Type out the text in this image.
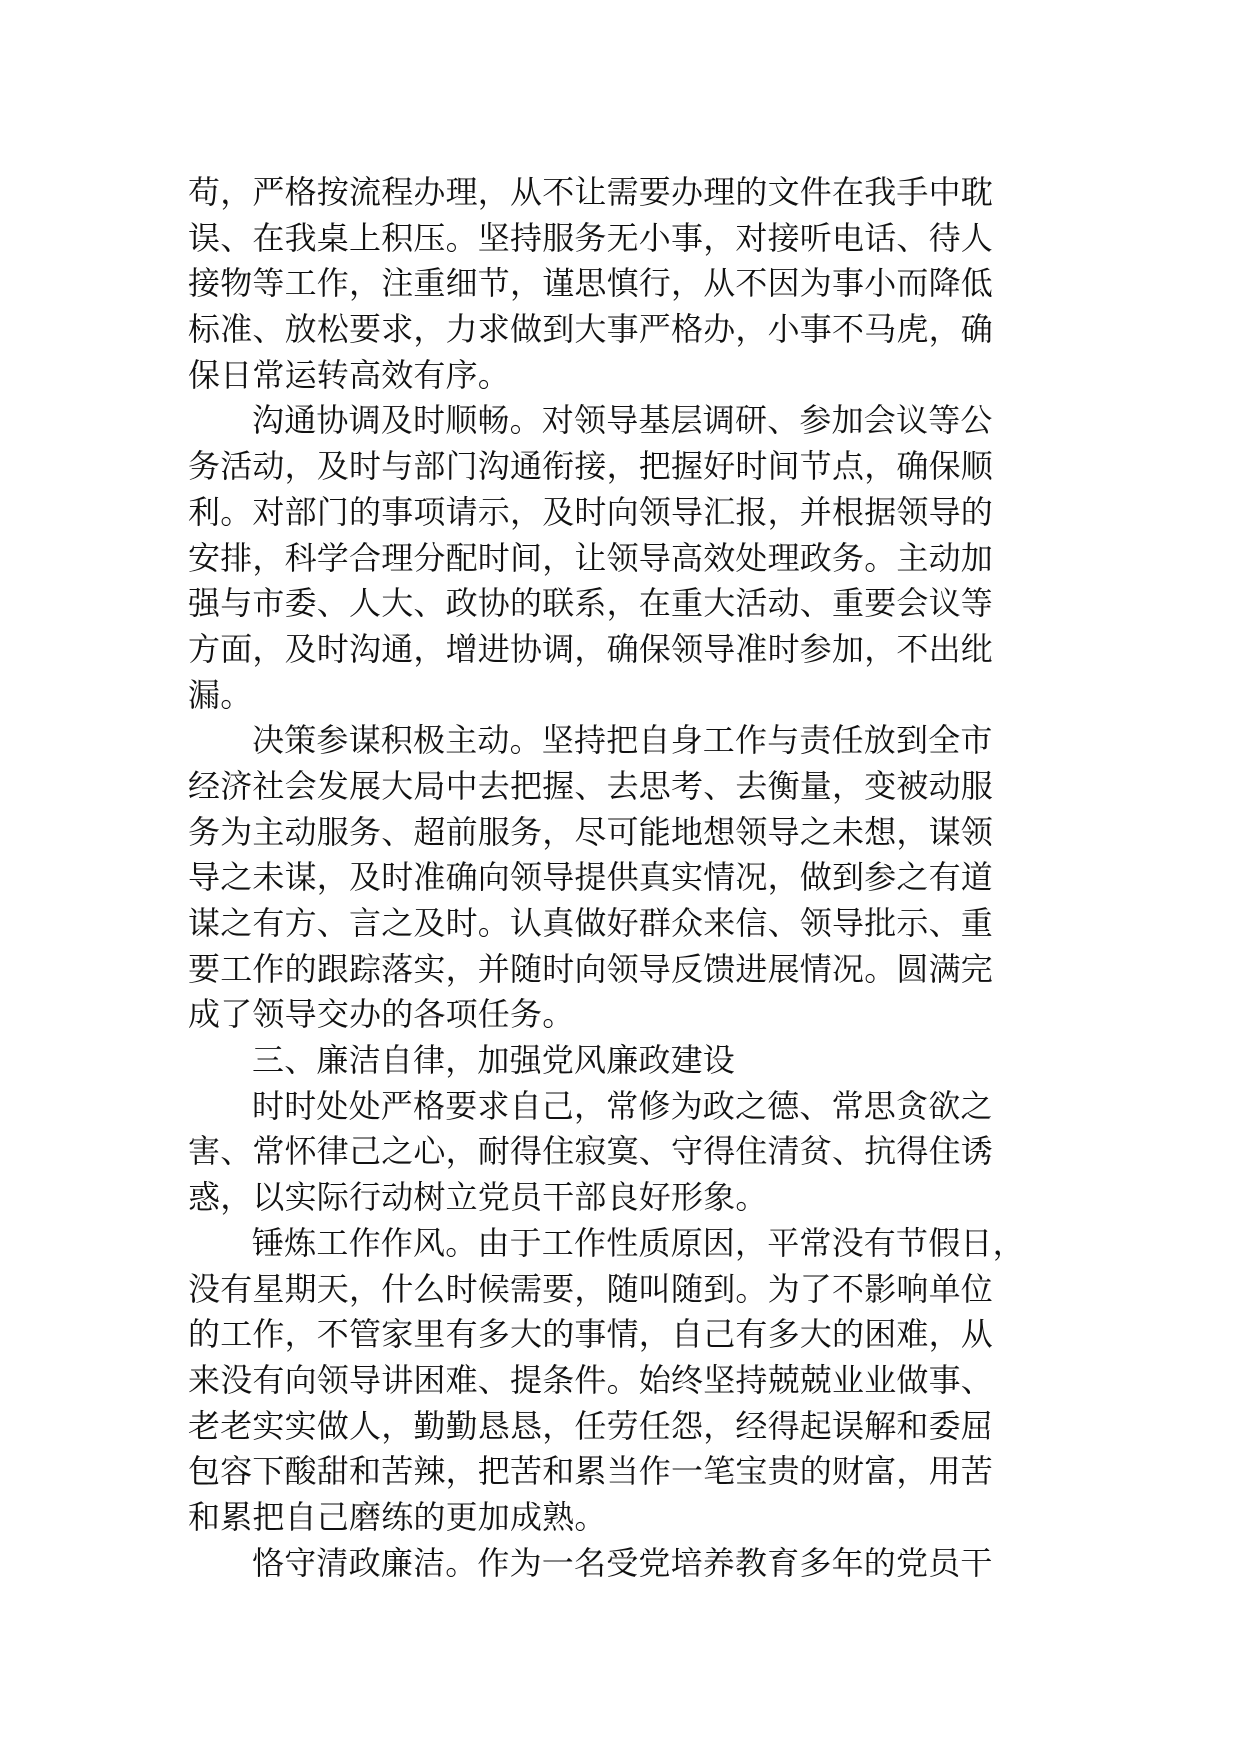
苟，严格按流程办理，从不让需要办理的文件在我手中耽
误、在我桌上积压。坚持服务无小事，对接听电话、待人
接物等工作，注重细节，谨思慎行，从不因为事小而降低
标准、放松要求，力求做到大事严格办，小事不马虎，确
保日常运转高效有序。
沟通协调及时顺畅。对领导基层调研、参加会议等公
务活动，及时与部门沟通衔接，把握好时间节点，确保顺
利。对部门的事项请示，及时向领导汇报，并根据领导的
安排，科学合理分配时间，让领导高效处理政务。主动加
强与市委、人大、政协的联系，在重大活动、重要会议等
方面，及时沟通，增进协调，确保领导准时参加，不出纰
漏。
决策参谋积极主动。坚持把自身工作与责任放到全市
经济社会发展大局中去把握、去思考、去衡量，变被动服
务为主动服务、超前服务，尽可能地想领导之未想，谋领
导之未谋，及时准确向领导提供真实情况，做到参之有道
谋之有方、言之及时。认真做好群众来信、领导批示、重
要工作的跟踪落实，并随时向领导反馈进展情况。圆满完
成了领导交办的各项任务。
三、廉洁自律，加强党风廉政建设
时时处处严格要求自己，常修为政之德、常思贪欲之
害、常怀律己之心，耐得住寂寞、守得住清贫、抗得住诱
惑，以实际行动树立党员干部良好形象。
锤炼工作作风。由于工作性质原因，平常没有节假日，
没有星期天，什么时候需要，随叫随到。为了不影响单位
的工作，不管家里有多大的事情，自己有多大的困难，从
来没有向领导讲困难、提条件。始终坚持兢兢业业做事、
老老实实做人，勤勤恳恳，任劳任怨，经得起误解和委屈
包容下酸甜和苦辣，把苦和累当作一笔宝贵的财富，用苦
和累把自己磨练的更加成熟。
恪守清政廉洁。作为一名受党培养教育多年的党员干
